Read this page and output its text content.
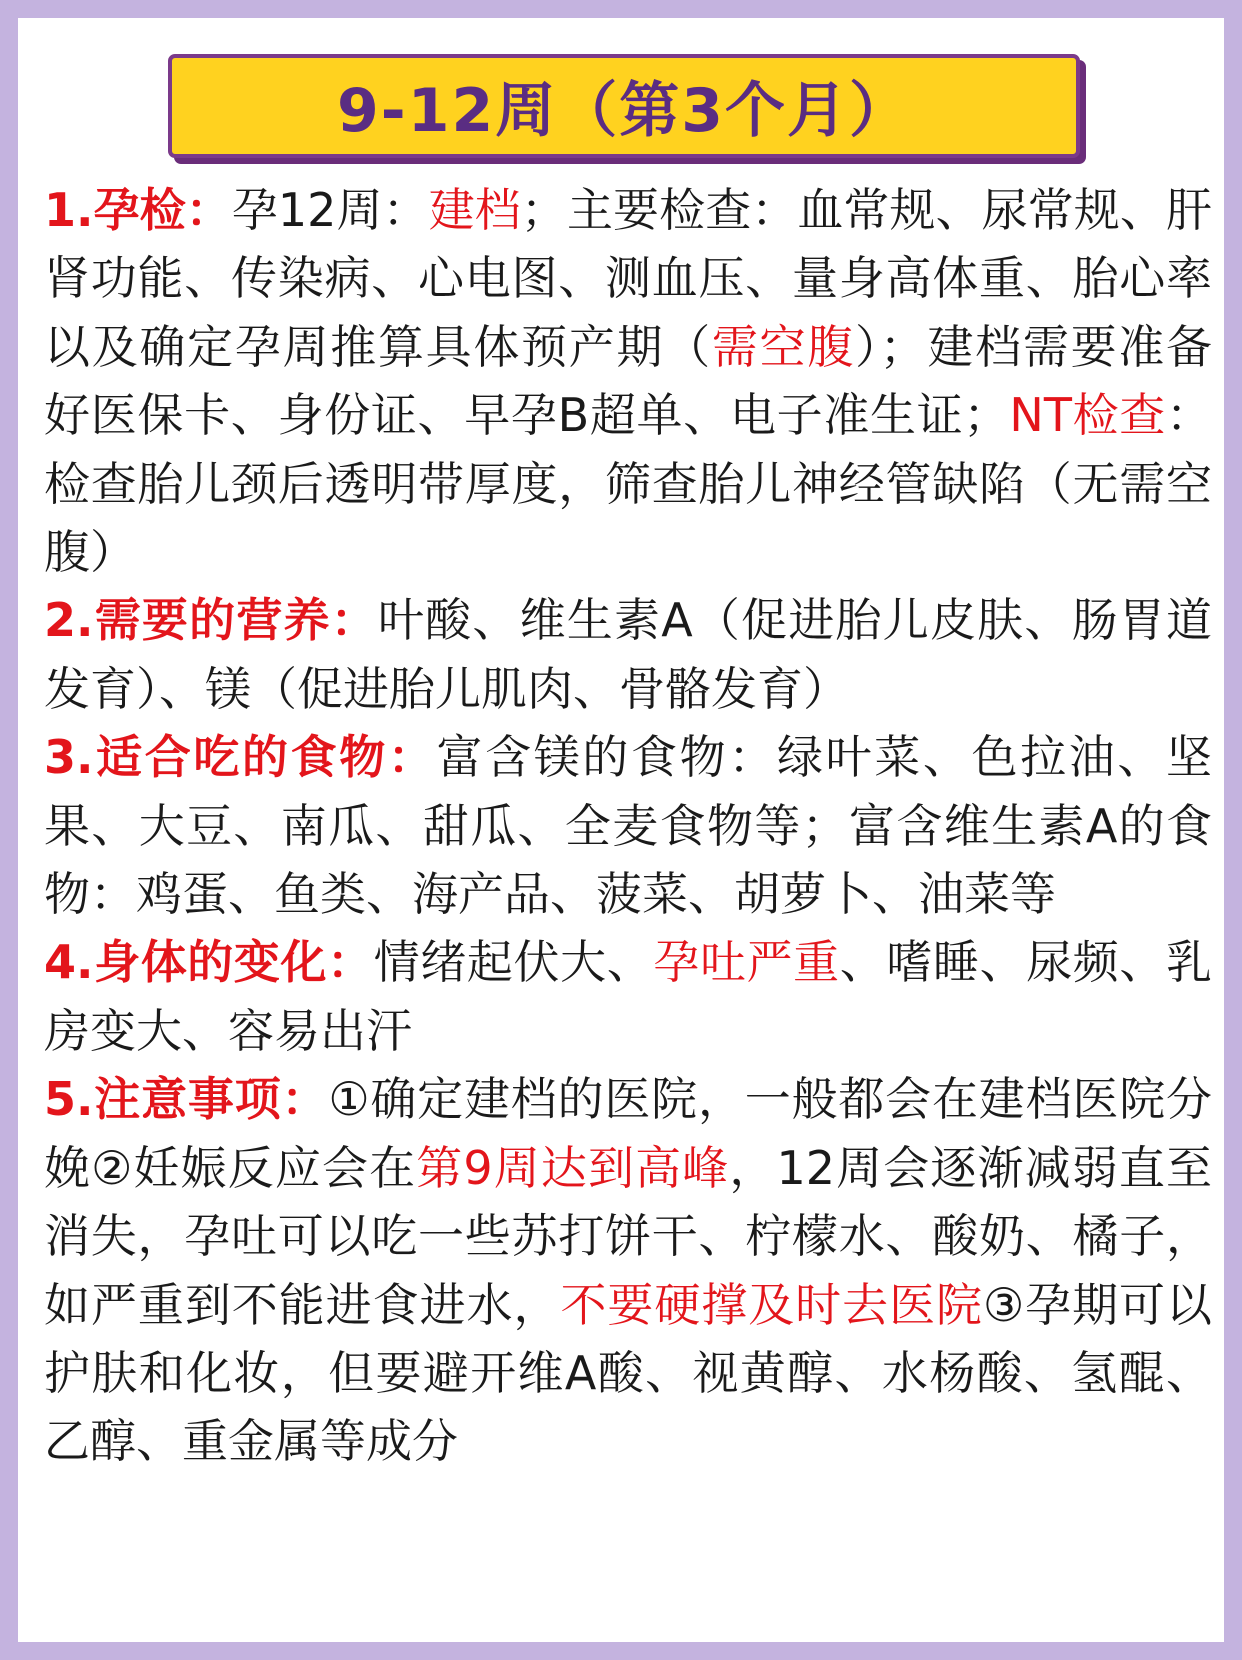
9-12周（第3个月）

1.孕检：孕12周：建档；主要检查：血常规、尿常规、肝肾功能、传染病、心电图、测血压、量身高体重、胎心率以及确定孕周推算具体预产期（需空腹）；建档需要准备好医保卡、身份证、早孕B超单、电子准生证；NT检查：检查胎儿颈后透明带厚度，筛查胎儿神经管缺陷（无需空腹）

2.需要的营养：叶酸、维生素A（促进胎儿皮肤、肠胃道发育）、镁（促进胎儿肌肉、骨骼发育）

3.适合吃的食物：富含镁的食物：绿叶菜、色拉油、坚果、大豆、南瓜、甜瓜、全麦食物等；富含维生素A的食物：鸡蛋、鱼类、海产品、菠菜、胡萝卜、油菜等

4.身体的变化：情绪起伏大、孕吐严重、嗜睡、尿频、乳房变大、容易出汗

5.注意事项：①确定建档的医院，一般都会在建档医院分娩②妊娠反应会在第9周达到高峰，12周会逐渐减弱直至消失，孕吐可以吃一些苏打饼干、柠檬水、酸奶、橘子，如严重到不能进食进水，不要硬撑及时去医院③孕期可以护肤和化妆，但要避开维A酸、视黄醇、水杨酸、氢醌、乙醇、重金属等成分
